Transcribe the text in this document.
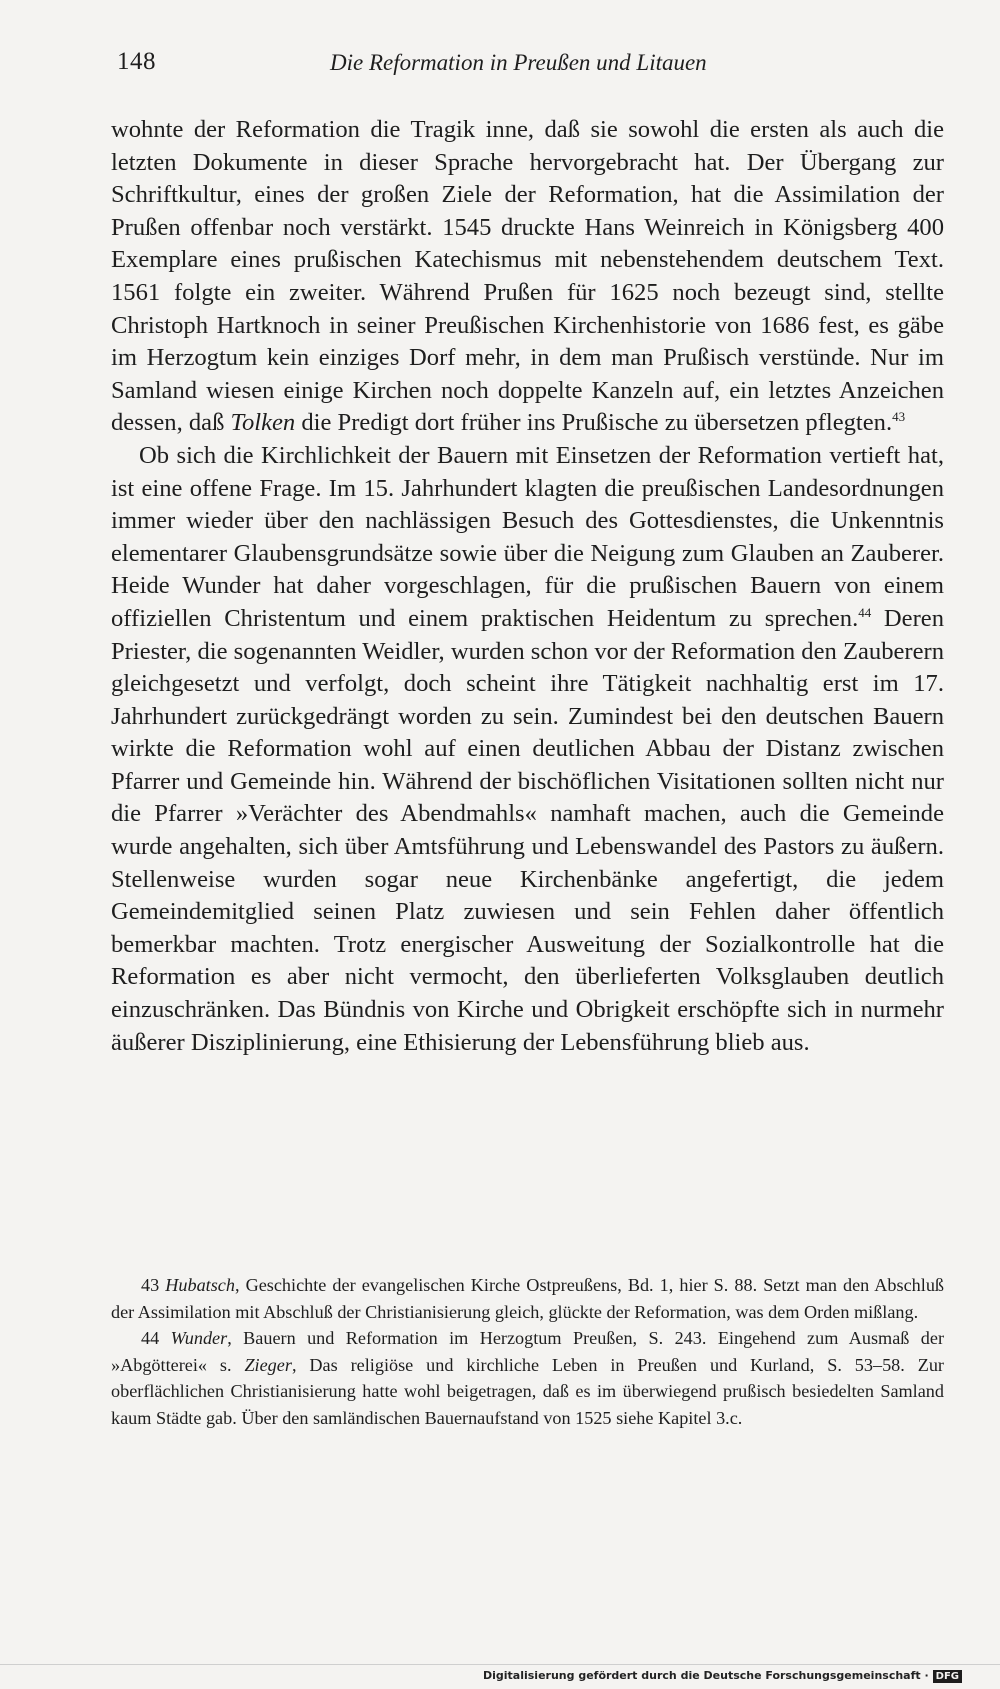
148	Die Reformation in Preußen und Litauen

wohnte der Reformation die Tragik inne, daß sie sowohl die ersten als auch die letzten Dokumente in dieser Sprache hervorgebracht hat. Der Übergang zur Schriftkultur, eines der großen Ziele der Reformation, hat die Assimilation der Prußen offenbar noch verstärkt. 1545 druckte Hans Weinreich in Königsberg 400 Exemplare eines prußischen Katechismus mit nebenstehendem deutschem Text. 1561 folgte ein zweiter. Während Prußen für 1625 noch bezeugt sind, stellte Christoph Hartknoch in seiner Preußischen Kirchenhistorie von 1686 fest, es gäbe im Herzogtum kein einziges Dorf mehr, in dem man Prußisch verstünde. Nur im Samland wiesen einige Kirchen noch doppelte Kanzeln auf, ein letztes Anzeichen dessen, daß Tolken die Predigt dort früher ins Prußische zu übersetzen pflegten.$^{43}$

Ob sich die Kirchlichkeit der Bauern mit Einsetzen der Reformation vertieft hat, ist eine offene Frage. Im 15. Jahrhundert klagten die preußischen Landesordnungen immer wieder über den nachlässigen Besuch des Gottesdienstes, die Unkenntnis elementarer Glaubensgrundsätze sowie über die Neigung zum Glauben an Zauberer. Heide Wunder hat daher vorgeschlagen, für die prußischen Bauern von einem offiziellen Christentum und einem praktischen Heidentum zu sprechen.$^{44}$ Deren Priester, die sogenannten Weidler, wurden schon vor der Reformation den Zauberern gleichgesetzt und verfolgt, doch scheint ihre Tätigkeit nachhaltig erst im 17. Jahrhundert zurückgedrängt worden zu sein. Zumindest bei den deutschen Bauern wirkte die Reformation wohl auf einen deutlichen Abbau der Distanz zwischen Pfarrer und Gemeinde hin. Während der bischöflichen Visitationen sollten nicht nur die Pfarrer »Verächter des Abendmahls« namhaft machen, auch die Gemeinde wurde angehalten, sich über Amtsführung und Lebenswandel des Pastors zu äußern. Stellenweise wurden sogar neue Kirchenbänke angefertigt, die jedem Gemeindemitglied seinen Platz zuwiesen und sein Fehlen daher öffentlich bemerkbar machten. Trotz energischer Ausweitung der Sozialkontrolle hat die Reformation es aber nicht vermocht, den überlieferten Volksglauben deutlich einzuschränken. Das Bündnis von Kirche und Obrigkeit erschöpfte sich in nurmehr äußerer Disziplinierung, eine Ethisierung der Lebensführung blieb aus.

43 Hubatsch, Geschichte der evangelischen Kirche Ostpreußens, Bd. 1, hier S. 88. Setzt man den Abschluß der Assimilation mit Abschluß der Christianisierung gleich, glückte der Reformation, was dem Orden mißlang.

44 Wunder, Bauern und Reformation im Herzogtum Preußen, S. 243. Eingehend zum Ausmaß der »Abgötterei« s. Zieger, Das religiöse und kirchliche Leben in Preußen und Kurland, S. 53–58. Zur oberflächlichen Christianisierung hatte wohl beigetragen, daß es im überwiegend prußisch besiedelten Samland kaum Städte gab. Über den samländischen Bauernaufstand von 1525 siehe Kapitel 3.c.

Digitalisierung gefördert durch die Deutsche Forschungsgemeinschaft · DFG
